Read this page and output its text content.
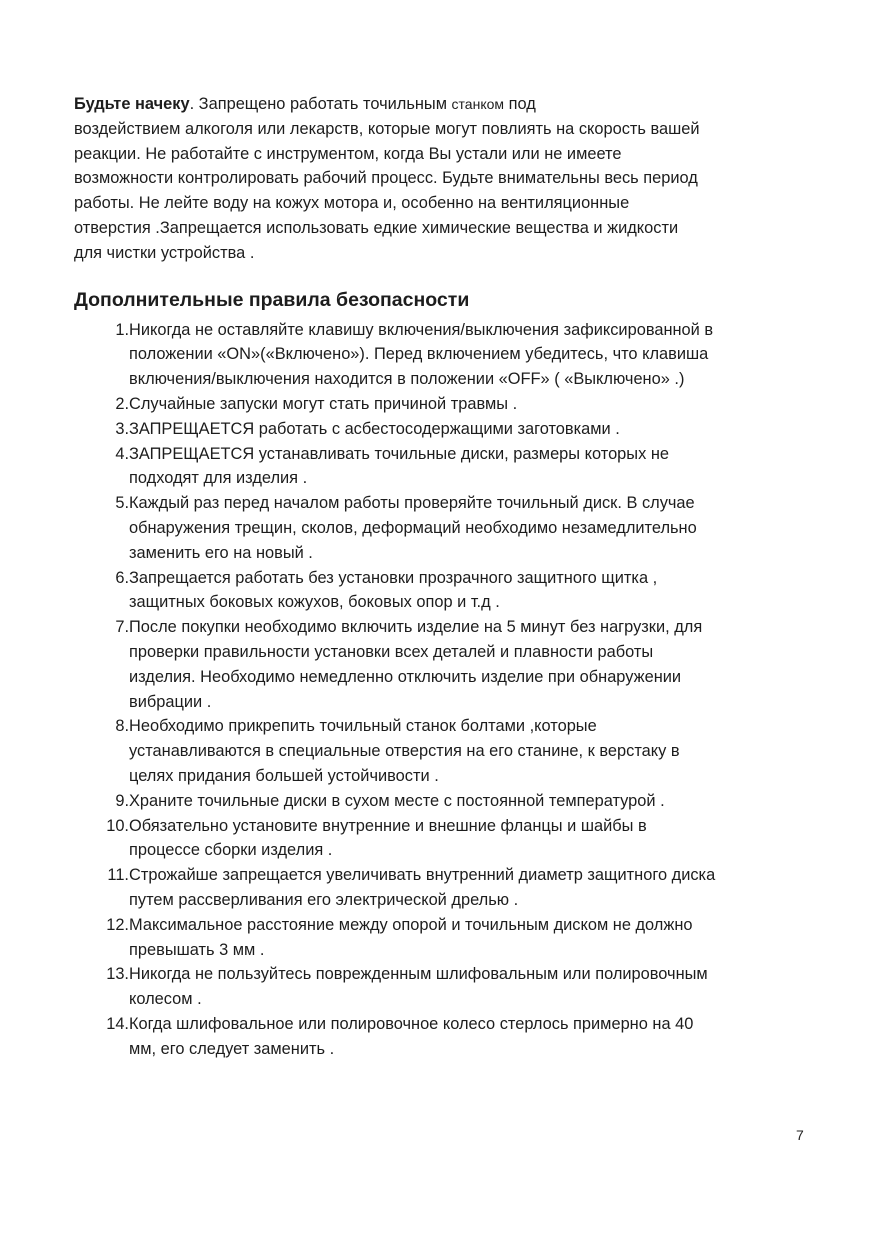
Будьте начеку. Запрещено работать точильным станком под
воздействием алкоголя или лекарств, которые могут повлиять на скорость вашей
реакции. Не работайте с инструментом, когда Вы устали или не имеете
возможности контролировать рабочий процесс. Будьте внимательны весь период
работы. Не лейте воду на кожух мотора и, особенно на вентиляционные
отверстия .Запрещается использовать едкие химические вещества и жидкости
для чистки устройства .

Дополнительные правила безопасности
1. Никогда не оставляйте клавишу включения/выключения зафиксированной в
положении «ON»(«Включено»). Перед включением убедитесь, что клавиша
включения/выключения находится в положении «OFF» ( «Выключено» .)
2. Случайные запуски могут стать причиной травмы .
3. ЗАПРЕЩАЕТСЯ работать с асбестосодержащими заготовками .
4. ЗАПРЕЩАЕТСЯ устанавливать точильные диски, размеры которых не
подходят для изделия .
5. Каждый раз перед началом работы проверяйте точильный диск. В случае
обнаружения трещин, сколов, деформаций необходимо незамедлительно
заменить его на новый .
6. Запрещается работать без установки прозрачного защитного щитка ,
защитных боковых кожухов, боковых опор и т.д .
7. После покупки необходимо включить изделие на 5 минут без нагрузки, для
проверки правильности установки всех деталей и плавности работы
изделия. Необходимо немедленно отключить изделие при обнаружении
вибрации .
8. Необходимо прикрепить точильный станок болтами ,которые
устанавливаются в специальные отверстия на его станине, к верстаку в
целях придания большей устойчивости .
9. Храните точильные диски в сухом месте с постоянной температурой .
10. Обязательно установите внутренние и внешние фланцы и шайбы в
процессе сборки изделия .
11. Строжайше запрещается увеличивать внутренний диаметр защитного диска
путем рассверливания его электрической дрелью .
12. Максимальное расстояние между опорой и точильным диском не должно
превышать 3 мм .
13. Никогда не пользуйтесь поврежденным шлифовальным или полировочным
колесом .
14. Когда шлифовальное или полировочное колесо стерлось примерно на 40
мм, его следует заменить .
7
